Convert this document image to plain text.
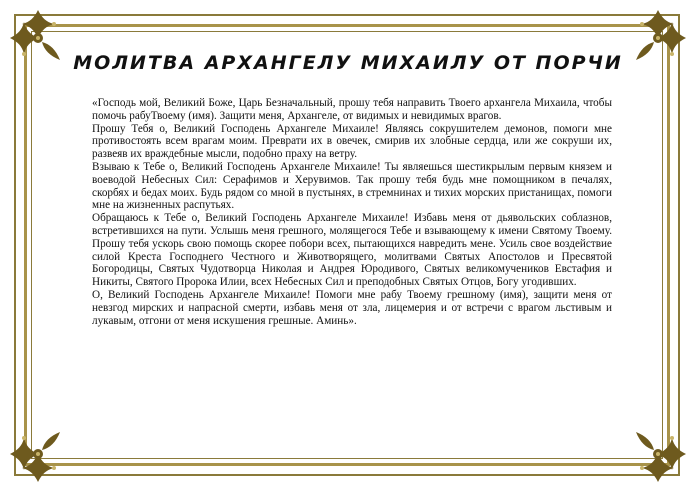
МОЛИТВА АРХАНГЕЛУ МИХАИЛУ ОТ ПОРЧИ

«Господь мой, Великий Боже, Царь Безначальный, прошу тебя направить Твоего архангела Михаила, чтобы помочь рабуТвоему (имя). Защити меня, Архангеле, от видимых и невидимых врагов.

Прошу Тебя о, Великий Господень Архангеле Михаиле! Являясь сокрушителем демонов, помоги мне противостоять всем врагам моим. Преврати их в овечек, смирив их злобные сердца, или же сокруши их, развеяв их враждебные мысли, подобно праху на ветру.

Взываю к Тебе о, Великий Господень Архангеле Михаиле! Ты являешься шестикрылым первым князем и воеводой Небесных Сил: Серафимов и Херувимов. Так прошу тебя будь мне помощником в печалях, скорбях и бедах моих. Будь рядом со мной в пустынях, в стремнинах и тихих морских пристанищах, помоги мне на жизненных распутьях.

Обращаюсь к Тебе о, Великий Господень Архангеле Михаиле! Избавь меня от дьявольских соблазнов, встретившихся на пути. Услышь меня грешного, молящегося Тебе и взывающему к имени Святому Твоему. Прошу тебя ускорь свою помощь скорее побори всех, пытающихся навредить мене. Усиль свое воздействие силой Креста Господнего Честного и Животворящего, молитвами Святых Апостолов и Пресвятой Богородицы, Святых Чудотворца Николая и Андрея Юродивого, Святых великомучеников Евстафия и Никиты, Святого Пророка Илии, всех Небесных Сил и преподобных Святых Отцов, Богу угодивших.

О, Великий Господень Архангеле Михаиле! Помоги мне рабу Твоему грешному (имя), защити меня от невзгод мирских и напрасной смерти, избавь меня от зла, лицемерия и от встречи с врагом льстивым и лукавым, отгони от меня искушения грешные. Аминь».
